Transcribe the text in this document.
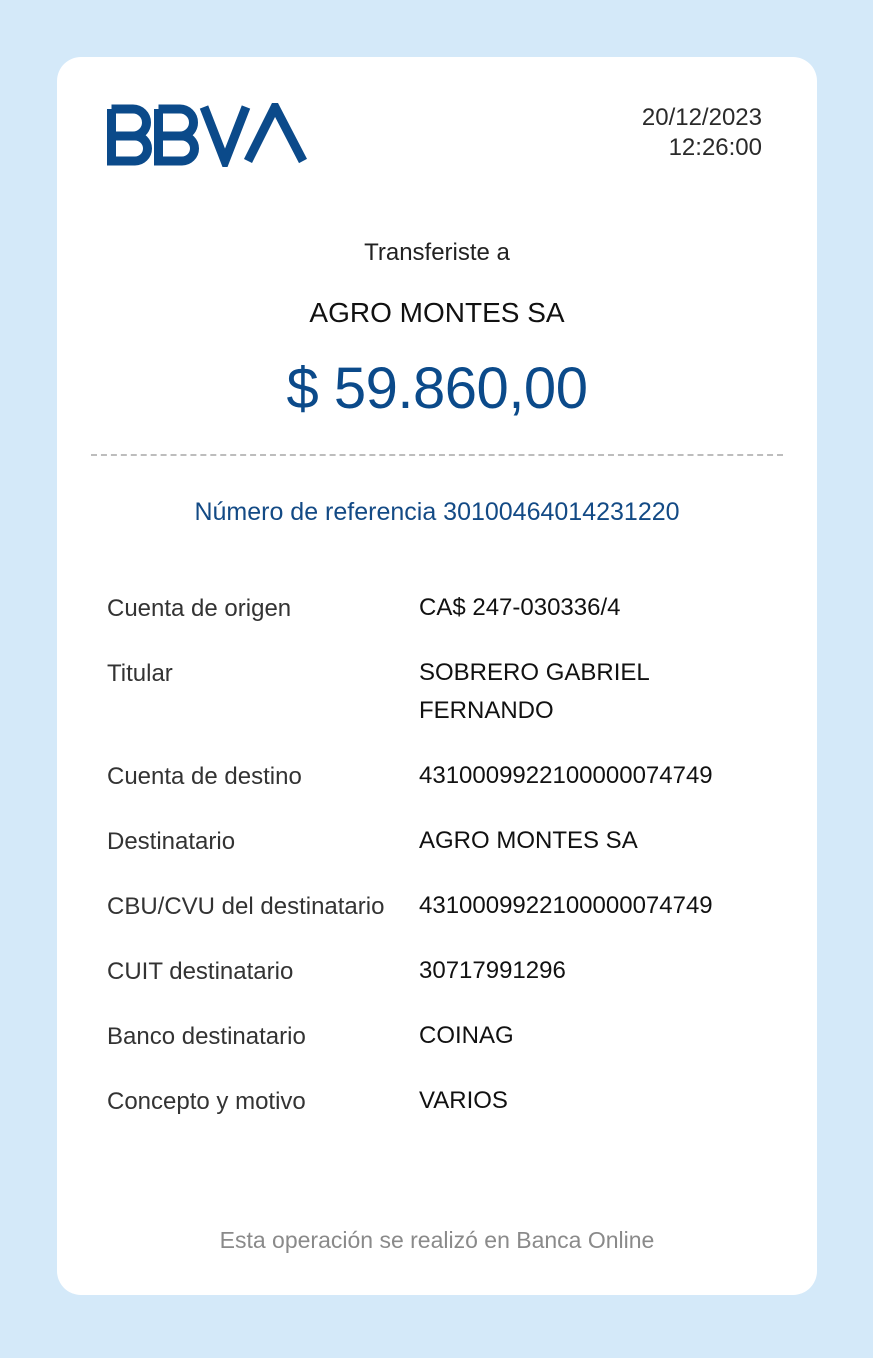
20/12/2023
12:26:00
Transferiste a
AGRO MONTES SA
$ 59.860,00
Número de referencia 30100464014231220
Cuenta de origen	CA$ 247-030336/4
Titular	SOBRERO GABRIEL
FERNANDO
Cuenta de destino	4310009922100000074749
Destinatario	AGRO MONTES SA
CBU/CVU del destinatario	4310009922100000074749
CUIT destinatario	30717991296
Banco destinatario	COINAG
Concepto y motivo	VARIOS
Esta operación se realizó en Banca Online
